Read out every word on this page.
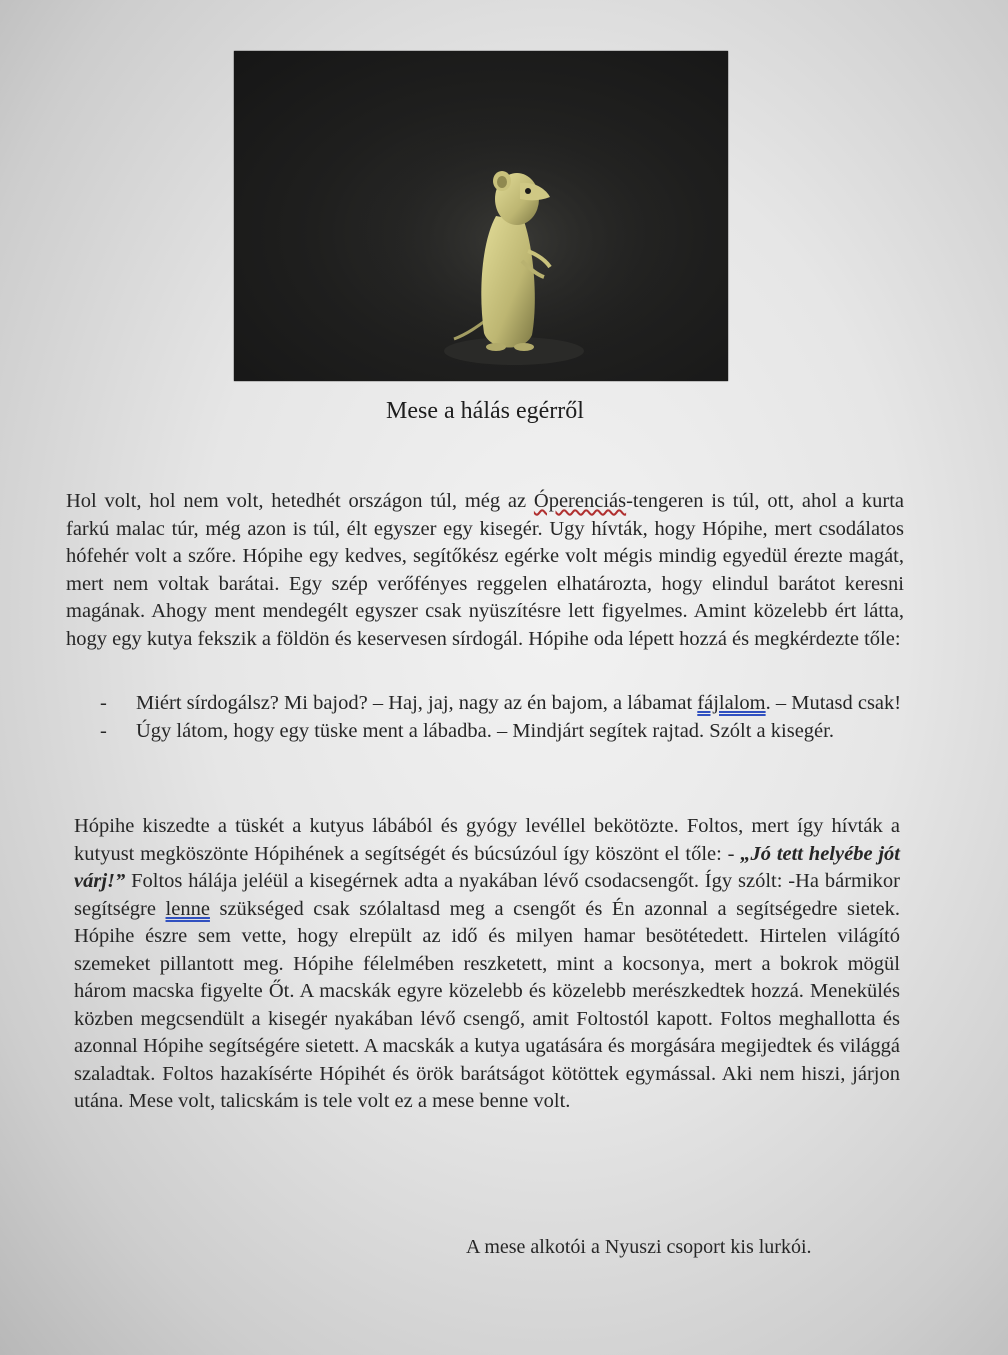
Mese a hálás egérről
Hol volt, hol nem volt, hetedhét országon túl, még az Óperenciás-tengeren is túl, ott, ahol a kurta farkú malac túr, még azon is túl, élt egyszer egy kisegér. Ugy hívták, hogy Hópihe, mert csodálatos hófehér volt a szőre. Hópihe egy kedves, segítőkész egérke volt mégis mindig egyedül érezte magát, mert nem voltak barátai. Egy szép verőfényes reggelen elhatározta, hogy elindul barátot keresni magának. Ahogy ment mendegélt egyszer csak nyüszítésre lett figyelmes. Amint közelebb ért látta, hogy egy kutya fekszik a földön és keservesen sírdogál. Hópihe oda lépett hozzá és megkérdezte tőle:
- Miért sírdogálsz? Mi bajod? – Haj, jaj, nagy az én bajom, a lábamat fájlalom. – Mutasd csak!
- Úgy látom, hogy egy tüske ment a lábadba. – Mindjárt segítek rajtad. Szólt a kisegér.
Hópihe kiszedte a tüskét a kutyus lábából és gyógy levéllel bekötözte. Foltos, mert így hívták a kutyust megköszönte Hópihének a segítségét és búcsúzóul így köszönt el tőle: - „Jó tett helyébe jót várj!” Foltos hálája jeléül a kisegérnek adta a nyakában lévő csodacsengőt. Így szólt: -Ha bármikor segítségre lenne szükséged csak szólaltasd meg a csengőt és Én azonnal a segítségedre sietek. Hópihe észre sem vette, hogy elrepült az idő és milyen hamar besötétedett. Hirtelen világító szemeket pillantott meg. Hópihe félelmében reszketett, mint a kocsonya, mert a bokrok mögül három macska figyelte Őt. A macskák egyre közelebb és közelebb merészkedtek hozzá. Menekülés közben megcsendült a kisegér nyakában lévő csengő, amit Foltostól kapott. Foltos meghallotta és azonnal Hópihe segítségére sietett. A macskák a kutya ugatására és morgására megijedtek és világgá szaladtak. Foltos hazakísérte Hópihét és örök barátságot kötöttek egymással. Aki nem hiszi, járjon utána. Mese volt, talicskám is tele volt ez a mese benne volt.
A mese alkotói a Nyuszi csoport kis lurkói.
